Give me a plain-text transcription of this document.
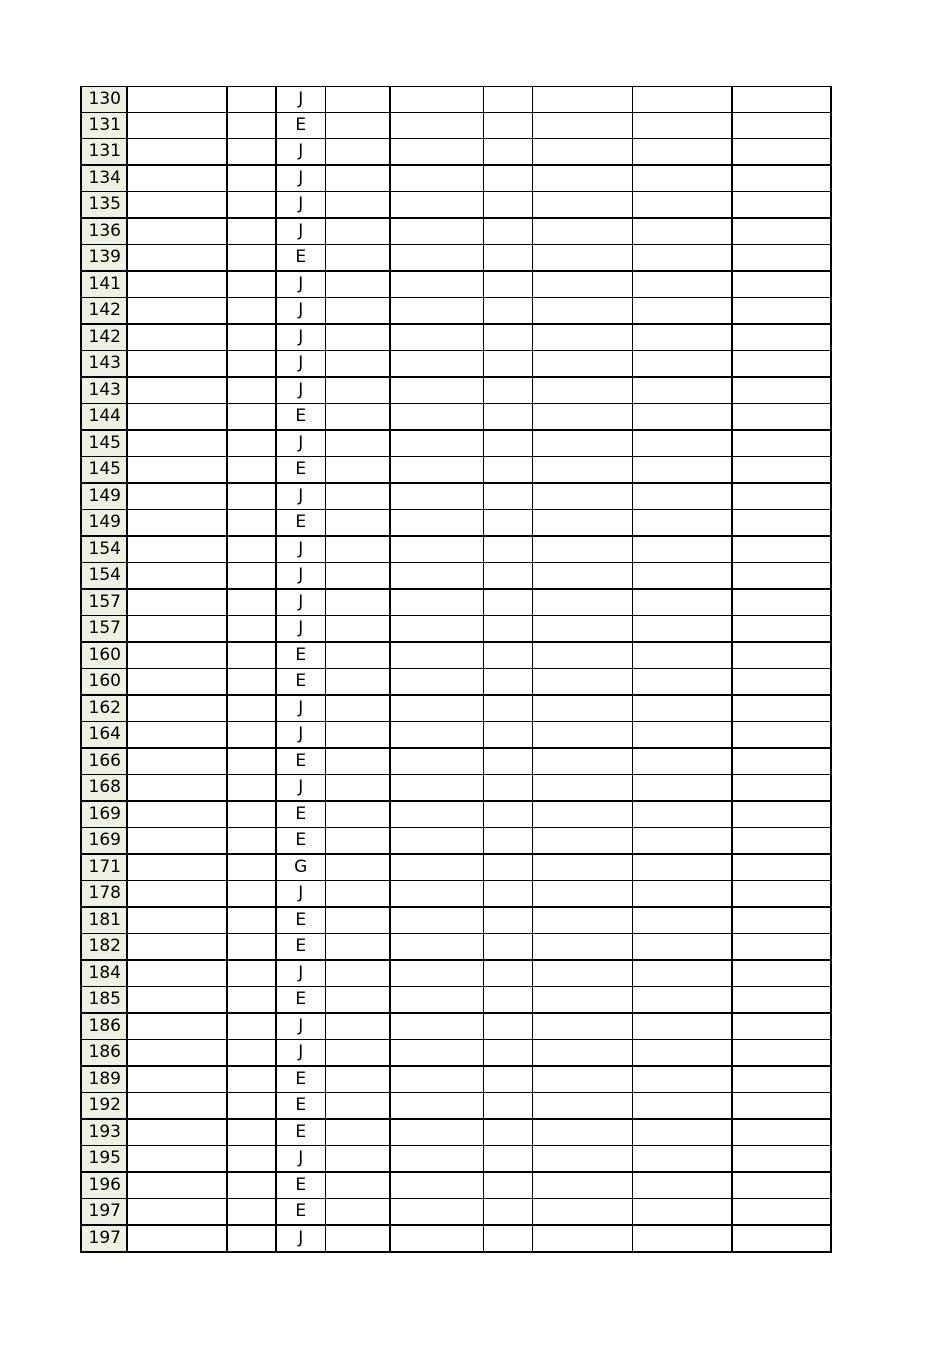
130			J						
131			E						
131			J						
134			J						
135			J						
136			J						
139			E						
141			J						
142			J						
142			J						
143			J						
143			J						
144			E						
145			J						
145			E						
149			J						
149			E						
154			J						
154			J						
157			J						
157			J						
160			E						
160			E						
162			J						
164			J						
166			E						
168			J						
169			E						
169			E						
171			G						
178			J						
181			E						
182			E						
184			J						
185			E						
186			J						
186			J						
189			E						
192			E						
193			E						
195			J						
196			E						
197			E						
197			J						
